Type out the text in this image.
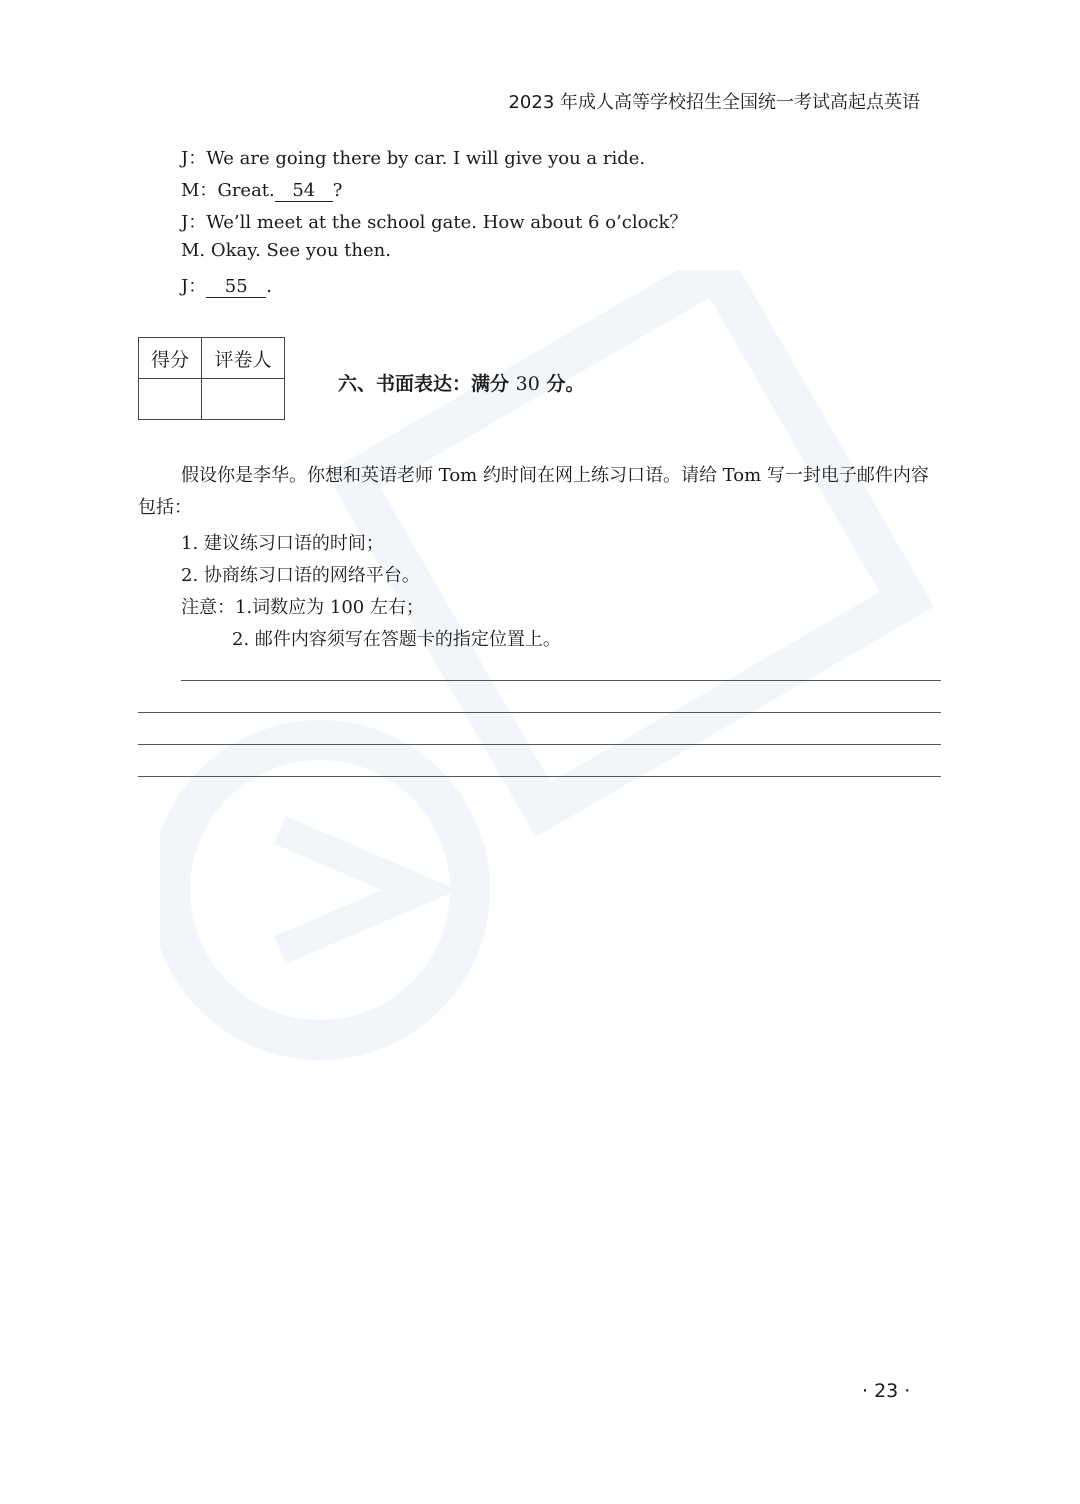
2023 年成人高等学校招生全国统一考试高起点英语
J：We are going there by car. I will give you a ride.
M：Great. 54 ?
J：We’ll meet at the school gate. How about 6 o’clock？
M. Okay. See you then.
J： 55 .
得分	评卷人

六、书面表达：满分 30 分。
假设你是李华。你想和英语老师 Tom 约时间在网上练习口语。请给 Tom 写一封电子邮件内容包括：
1. 建议练习口语的时间；
2. 协商练习口语的网络平台。
注意：1.词数应为 100 左右；
2. 邮件内容须写在答题卡的指定位置上。
· 23 ·
